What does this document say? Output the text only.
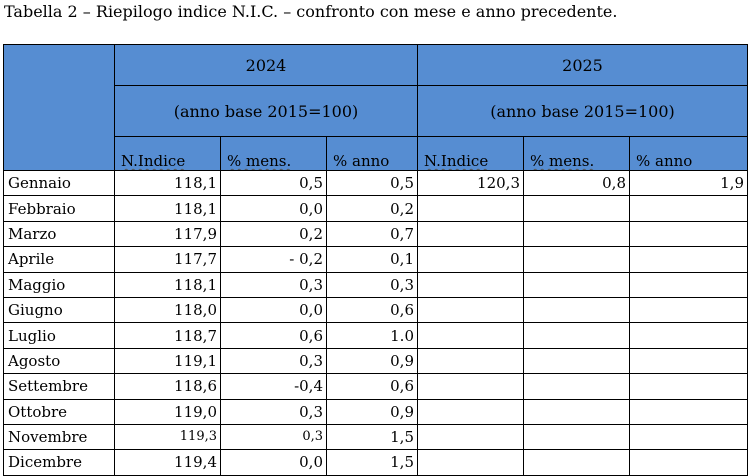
Tabella 2 – Riepilogo indice N.I.C. – confronto con mese e anno precedente.
	2024			2025		
	(anno base 2015=100)			(anno base 2015=100)		
	N.Indice	% mens.	% anno	N.Indice	% mens.	% anno
Gennaio	118,1	0,5	0,5	120,3	0,8	1,9
Febbraio	118,1	0,0	0,2			
Marzo	117,9	0,2	0,7			
Aprile	117,7	- 0,2	0,1			
Maggio	118,1	0,3	0,3			
Giugno	118,0	0,0	0,6			
Luglio	118,7	0,6	1.0			
Agosto	119,1	0,3	0,9			
Settembre	118,6	-0,4	0,6			
Ottobre	119,0	0,3	0,9			
Novembre	119,3	0,3	1,5			
Dicembre	119,4	0,0	1,5			
